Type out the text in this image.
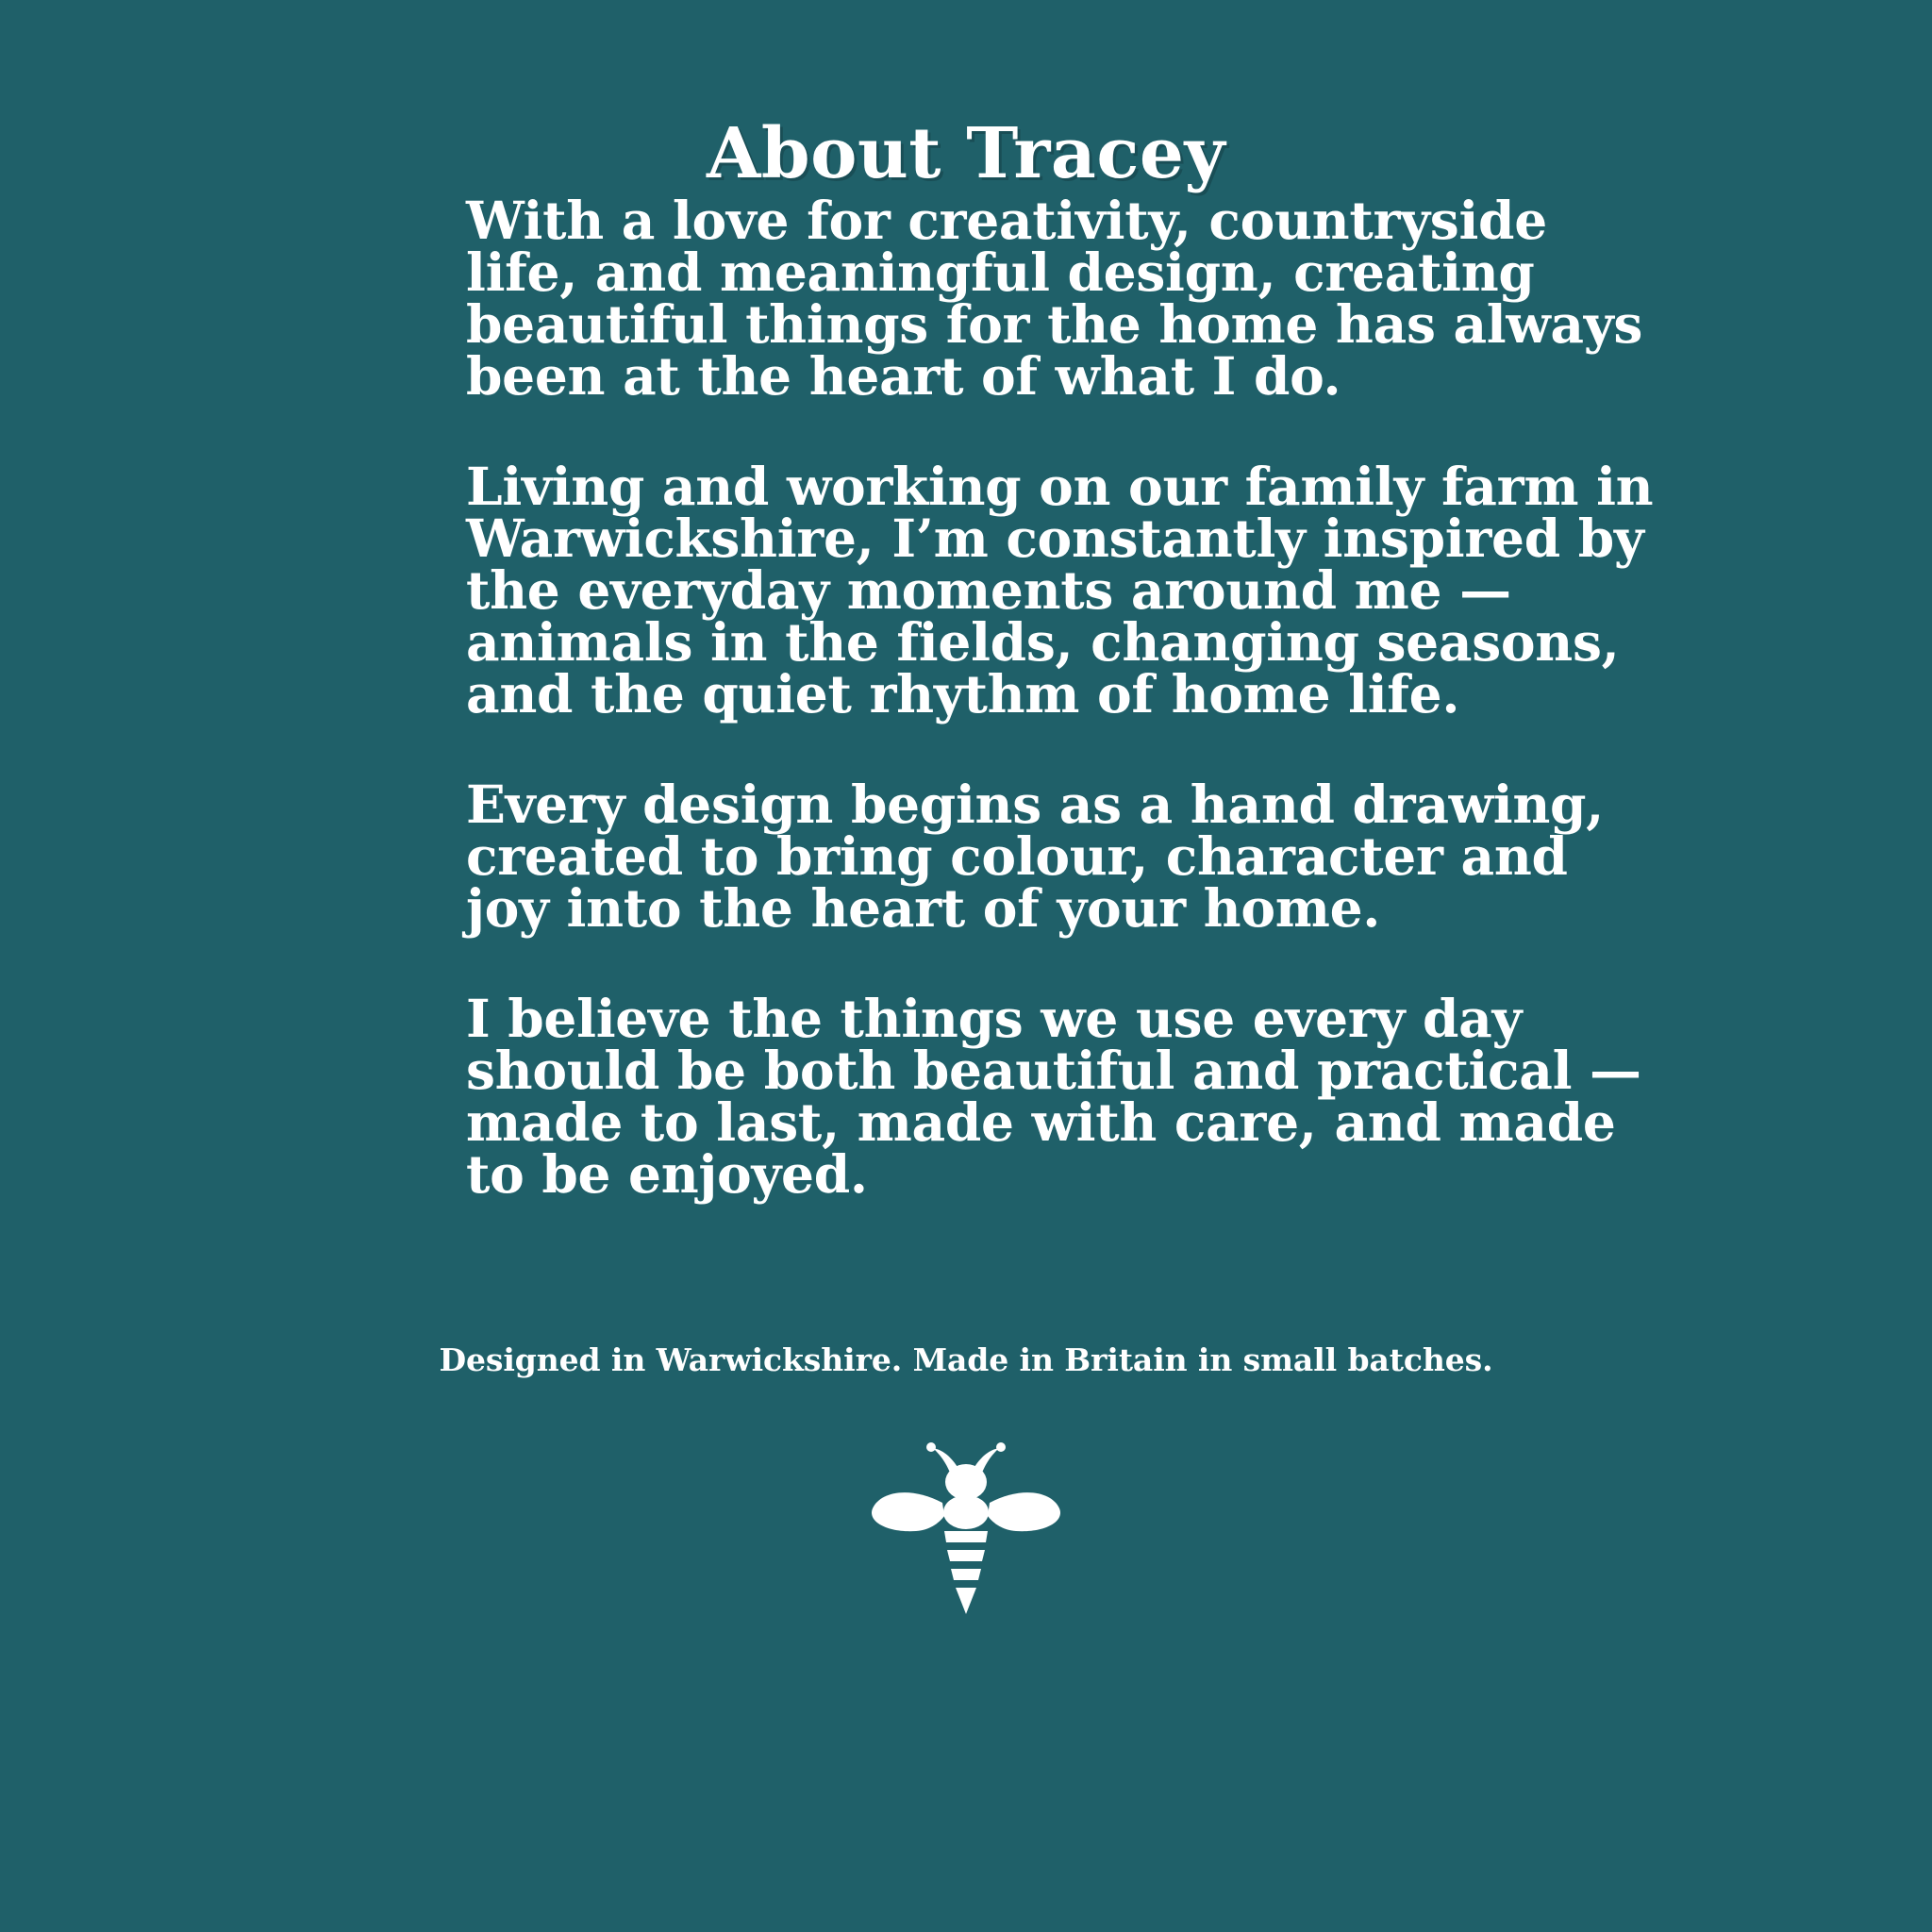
About Tracey

With a love for creativity, countryside life, and meaningful design, creating beautiful things for the home has always been at the heart of what I do.

Living and working on our family farm in Warwickshire, I’m constantly inspired by the everyday moments around me — animals in the fields, changing seasons, and the quiet rhythm of home life.

Every design begins as a hand drawing, created to bring colour, character and joy into the heart of your home.

I believe the things we use every day should be both beautiful and practical — made to last, made with care, and made to be enjoyed.

Designed in Warwickshire. Made in Britain in small batches.
